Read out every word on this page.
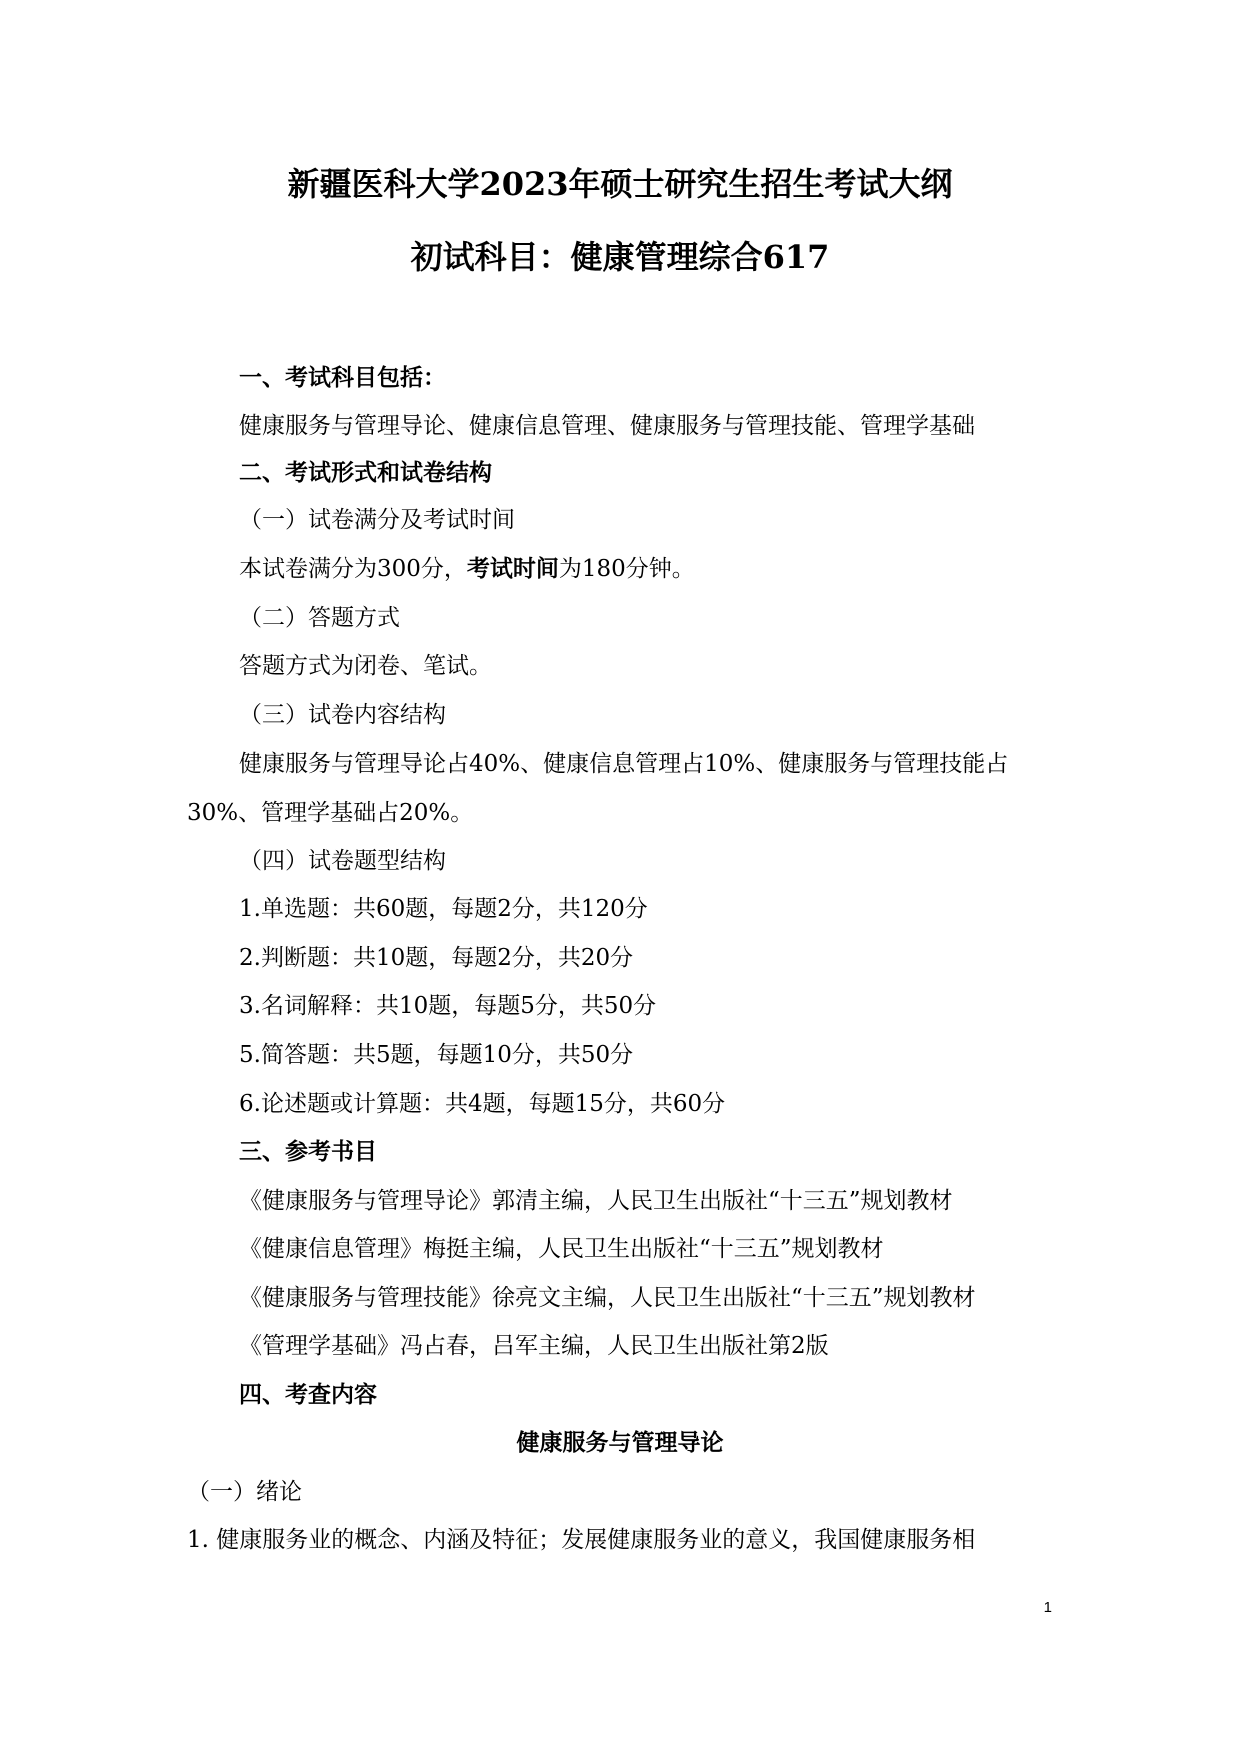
新疆医科大学2023年硕士研究生招生考试大纲
初试科目：健康管理综合617
一、考试科目包括：
健康服务与管理导论、健康信息管理、健康服务与管理技能、管理学基础
二、考试形式和试卷结构
（一）试卷满分及考试时间
本试卷满分为300分，考试时间为180分钟。
（二）答题方式
答题方式为闭卷、笔试。
（三）试卷内容结构
健康服务与管理导论占40%、健康信息管理占10%、健康服务与管理技能占
30%、管理学基础占20%。
（四）试卷题型结构
1.单选题：共60题，每题2分，共120分
2.判断题：共10题，每题2分，共20分
3.名词解释：共10题，每题5分，共50分
5.简答题：共5题，每题10分，共50分
6.论述题或计算题：共4题，每题15分，共60分
三、参考书目
《健康服务与管理导论》郭清主编，人民卫生出版社“十三五”规划教材
《健康信息管理》梅挺主编，人民卫生出版社“十三五”规划教材
《健康服务与管理技能》徐亮文主编，人民卫生出版社“十三五”规划教材
《管理学基础》冯占春，吕军主编，人民卫生出版社第2版
四、考查内容
健康服务与管理导论
（一）绪论
1. 健康服务业的概念、内涵及特征；发展健康服务业的意义，我国健康服务相
1
